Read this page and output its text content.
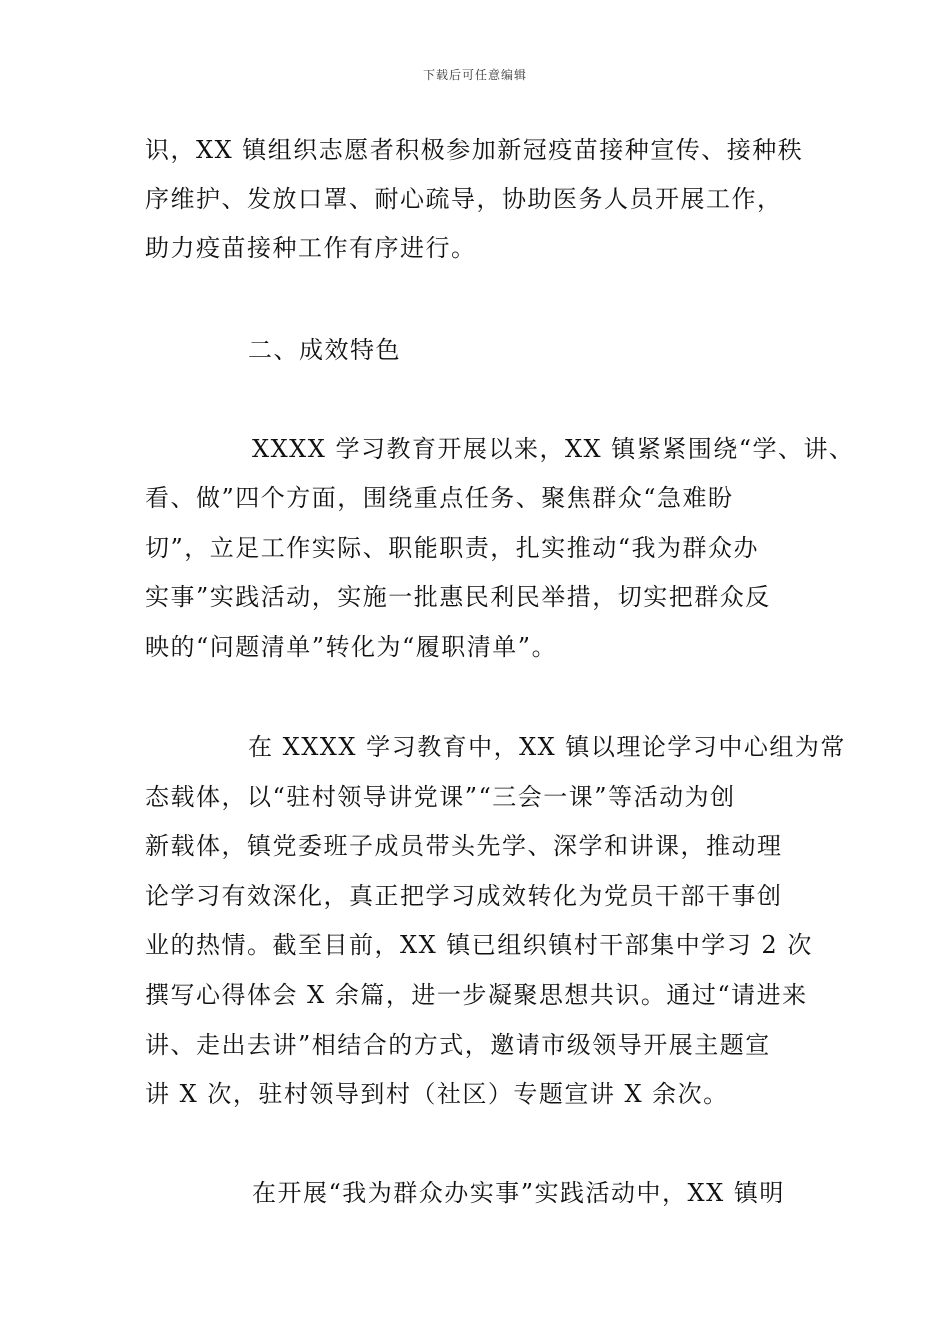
下载后可任意编辑
识，XX 镇组织志愿者积极参加新冠疫苗接种宣传、接种秩
序维护、发放口罩、耐心疏导，协助医务人员开展工作，
助力疫苗接种工作有序进行。
二、成效特色
XXXX 学习教育开展以来，XX 镇紧紧围绕“学、讲、
看、做”四个方面，围绕重点任务、聚焦群众“急难盼
切”，立足工作实际、职能职责，扎实推动“我为群众办
实事”实践活动，实施一批惠民利民举措，切实把群众反
映的“问题清单”转化为“履职清单”。
在 XXXX 学习教育中，XX 镇以理论学习中心组为常
态载体，以“驻村领导讲党课”“三会一课”等活动为创
新载体，镇党委班子成员带头先学、深学和讲课，推动理
论学习有效深化，真正把学习成效转化为党员干部干事创
业的热情。截至目前，XX 镇已组织镇村干部集中学习 2 次
撰写心得体会 X 余篇，进一步凝聚思想共识。通过“请进来
讲、走出去讲”相结合的方式，邀请市级领导开展主题宣
讲 X 次，驻村领导到村（社区）专题宣讲 X 余次。
在开展“我为群众办实事”实践活动中，XX 镇明
